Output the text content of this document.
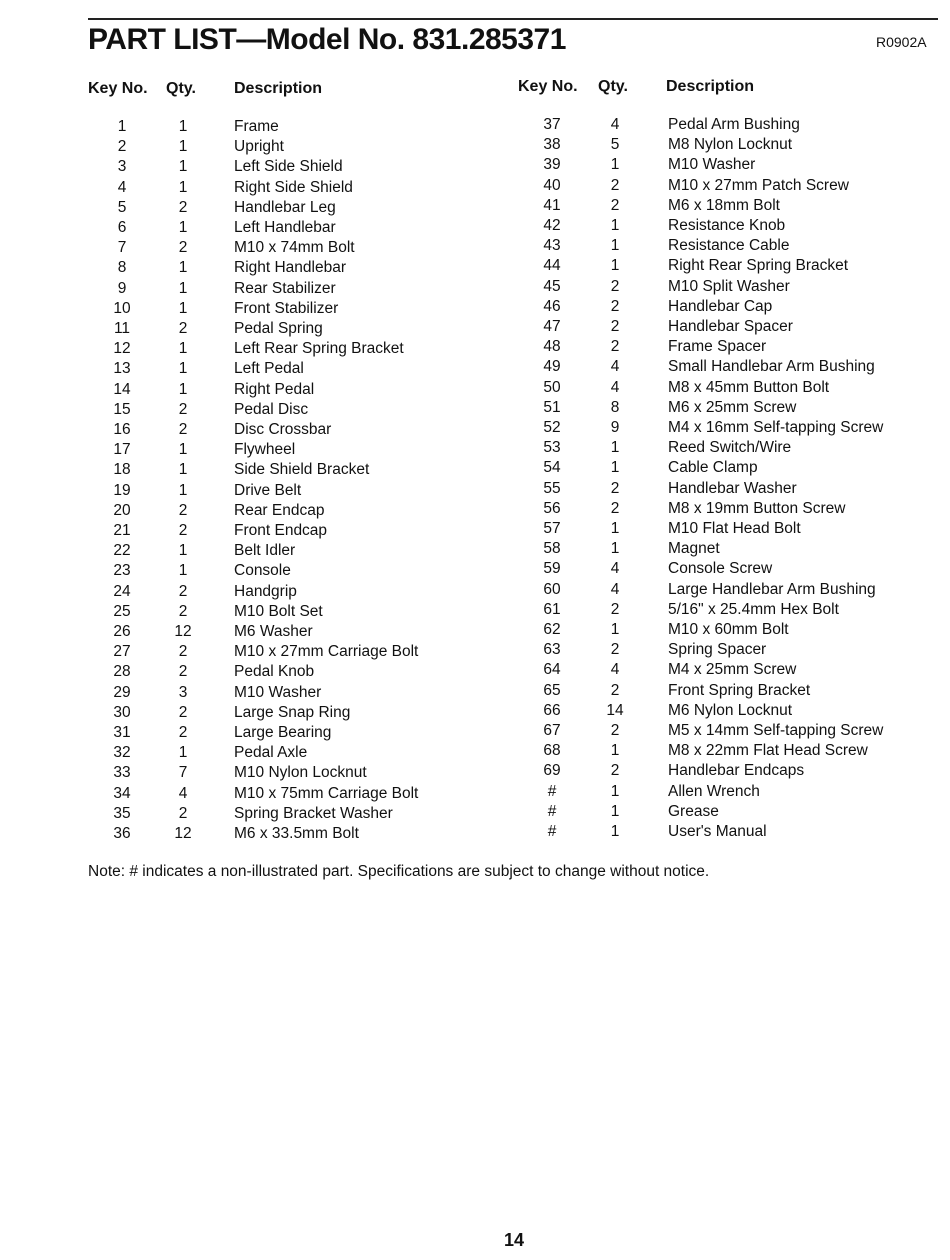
PART LIST—Model No. 831.285371	R0902A
Key No. Qty. Description
1	1	Frame
2	1	Upright
3	1	Left Side Shield
4	1	Right Side Shield
5	2	Handlebar Leg
6	1	Left Handlebar
7	2	M10 x 74mm Bolt
8	1	Right Handlebar
9	1	Rear Stabilizer
10	1	Front Stabilizer
11	2	Pedal Spring
12	1	Left Rear Spring Bracket
13	1	Left Pedal
14	1	Right Pedal
15	2	Pedal Disc
16	2	Disc Crossbar
17	1	Flywheel
18	1	Side Shield Bracket
19	1	Drive Belt
20	2	Rear Endcap
21	2	Front Endcap
22	1	Belt Idler
23	1	Console
24	2	Handgrip
25	2	M10 Bolt Set
26	12	M6 Washer
27	2	M10 x 27mm Carriage Bolt
28	2	Pedal Knob
29	3	M10 Washer
30	2	Large Snap Ring
31	2	Large Bearing
32	1	Pedal Axle
33	7	M10 Nylon Locknut
34	4	M10 x 75mm Carriage Bolt
35	2	Spring Bracket Washer
36	12	M6 x 33.5mm Bolt
Key No. Qty. Description
37	4	Pedal Arm Bushing
38	5	M8 Nylon Locknut
39	1	M10 Washer
40	2	M10 x 27mm Patch Screw
41	2	M6 x 18mm Bolt
42	1	Resistance Knob
43	1	Resistance Cable
44	1	Right Rear Spring Bracket
45	2	M10 Split Washer
46	2	Handlebar Cap
47	2	Handlebar Spacer
48	2	Frame Spacer
49	4	Small Handlebar Arm Bushing
50	4	M8 x 45mm Button Bolt
51	8	M6 x 25mm Screw
52	9	M4 x 16mm Self-tapping Screw
53	1	Reed Switch/Wire
54	1	Cable Clamp
55	2	Handlebar Washer
56	2	M8 x 19mm Button Screw
57	1	M10 Flat Head Bolt
58	1	Magnet
59	4	Console Screw
60	4	Large Handlebar Arm Bushing
61	2	5/16" x 25.4mm Hex Bolt
62	1	M10 x 60mm Bolt
63	2	Spring Spacer
64	4	M4 x 25mm Screw
65	2	Front Spring Bracket
66	14	M6 Nylon Locknut
67	2	M5 x 14mm Self-tapping Screw
68	1	M8 x 22mm Flat Head Screw
69	2	Handlebar Endcaps
#	1	Allen Wrench
#	1	Grease
#	1	User's Manual
Note: # indicates a non-illustrated part. Specifications are subject to change without notice.
14
